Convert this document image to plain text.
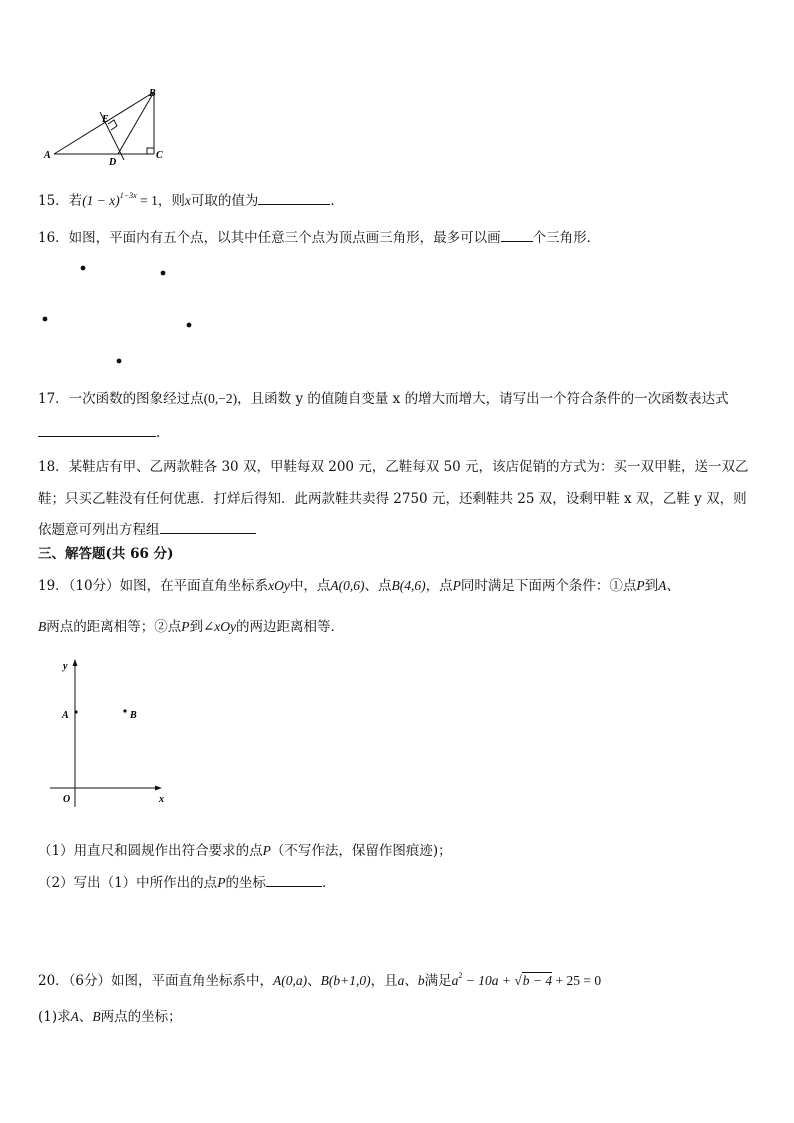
A
B
C
D
E
15．若$(1 - x)^{1-3x} = 1$，则x可取的值为	．
16．如图，平面内有五个点，以其中任意三个点为顶点画三角形，最多可以画 个三角形．
17．一次函数的图象经过点(0,−2)，且函数 y 的值随自变量 x 的增大而增大，请写出一个符合条件的一次函数表达式
.
18．某鞋店有甲、乙两款鞋各 30 双，甲鞋每双 200 元，乙鞋每双 50 元，该店促销的方式为：买一双甲鞋，送一双乙
鞋；只买乙鞋没有任何优惠．打烊后得知．此两款鞋共卖得 2750 元，还剩鞋共 25 双，设剩甲鞋 x 双，乙鞋 y 双，则
依题意可列出方程组
三、解答题(共 66 分)
19．（10分）如图，在平面直角坐标系xOy中，点A(0,6)、点B(4,6)，点P同时满足下面两个条件：①点P到A、
B两点的距离相等；②点P到∠xOy的两边距离相等．
y
x
O
A	B
（1）用直尺和圆规作出符合要求的点P（不写作法，保留作图痕迹)；
（2）写出（1）中所作出的点P的坐标	．
20．（6分）如图，平面直角坐标系中，A(0,a)、B(b+1,0)，且a、b满足$a^2 - 10a + √b - 4 + 25 = 0$
(1)求A、B两点的坐标；
